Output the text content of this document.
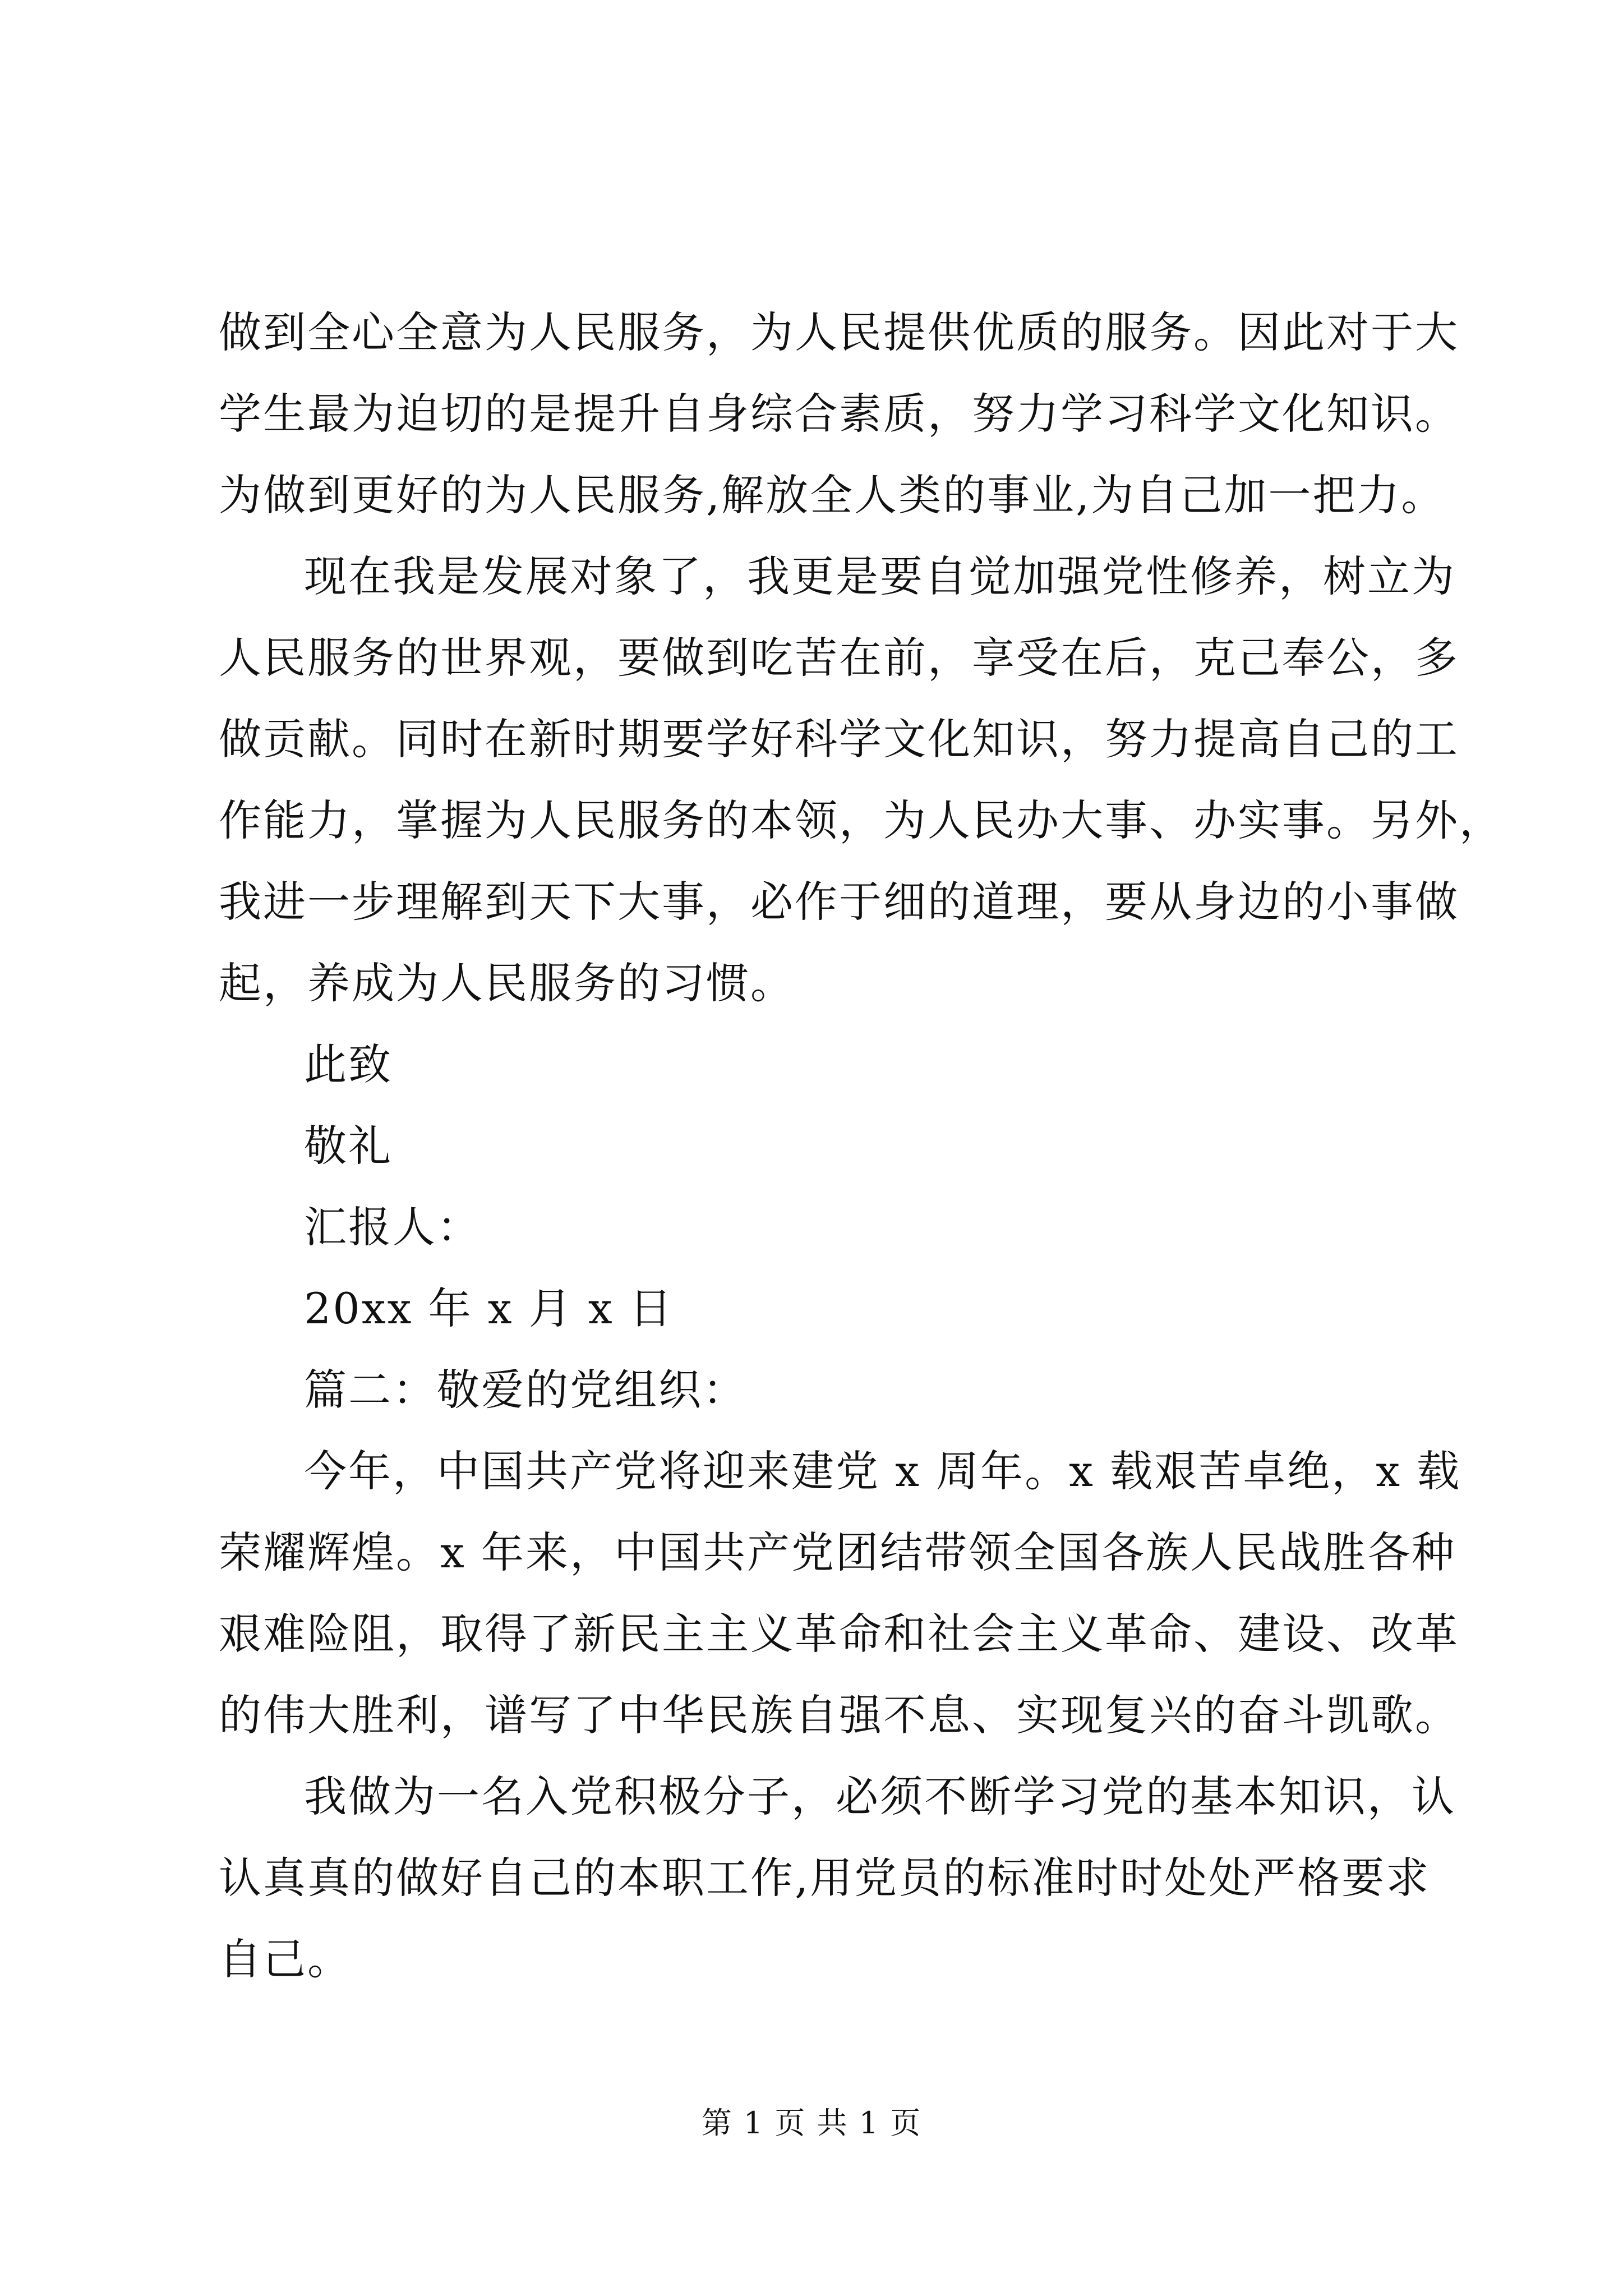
做到全心全意为人民服务，为人民提供优质的服务。因此对于大
学生最为迫切的是提升自身综合素质，努力学习科学文化知识。
为做到更好的为人民服务,解放全人类的事业,为自己加一把力。
现在我是发展对象了，我更是要自觉加强党性修养，树立为
人民服务的世界观，要做到吃苦在前，享受在后，克己奉公，多
做贡献。同时在新时期要学好科学文化知识，努力提高自己的工
作能力，掌握为人民服务的本领，为人民办大事、办实事。另外，
我进一步理解到天下大事，必作于细的道理，要从身边的小事做
起，养成为人民服务的习惯。
此致
敬礼
汇报人：
20xx 年 x 月 x 日
篇二：敬爱的党组织：
今年，中国共产党将迎来建党 x 周年。x 载艰苦卓绝，x 载
荣耀辉煌。x 年来，中国共产党团结带领全国各族人民战胜各种
艰难险阻，取得了新民主主义革命和社会主义革命、建设、改革
的伟大胜利，谱写了中华民族自强不息、实现复兴的奋斗凯歌。
我做为一名入党积极分子，必须不断学习党的基本知识，认
认真真的做好自己的本职工作,用党员的标准时时处处严格要求
自己。
第 1 页 共 1 页
